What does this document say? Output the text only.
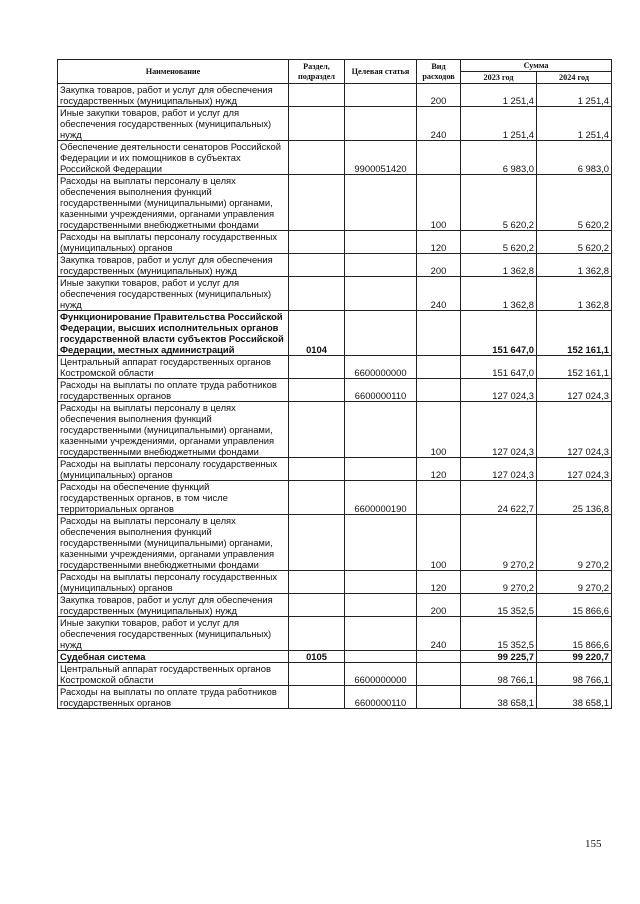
Наименование	Раздел, подраздел	Целевая статья	Вид расходов	Сумма	
				2023 год	2024 год
Закупка товаров, работ и услуг для обеспечения государственных (муниципальных) нужд			200	1 251,4	1 251,4
Иные закупки товаров, работ и услуг для обеспечения государственных (муниципальных) нужд			240	1 251,4	1 251,4
Обеспечение деятельности сенаторов Российской Федерации и их помощников в субъектах Российской Федерации		9900051420		6 983,0	6 983,0
Расходы на выплаты персоналу в целях обеспечения выполнения функций государственными (муниципальными) органами, казенными учреждениями, органами управления государственными внебюджетными фондами			100	5 620,2	5 620,2
Расходы на выплаты персоналу государственных (муниципальных) органов			120	5 620,2	5 620,2
Закупка товаров, работ и услуг для обеспечения государственных (муниципальных) нужд			200	1 362,8	1 362,8
Иные закупки товаров, работ и услуг для обеспечения государственных (муниципальных) нужд			240	1 362,8	1 362,8
Функционирование Правительства Российской Федерации, высших исполнительных органов государственной власти субъектов Российской Федерации, местных администраций	0104			151 647,0	152 161,1
Центральный аппарат государственных органов Костромской области		6600000000		151 647,0	152 161,1
Расходы на выплаты по оплате труда работников государственных органов		6600000110		127 024,3	127 024,3
Расходы на выплаты персоналу в целях обеспечения выполнения функций государственными (муниципальными) органами, казенными учреждениями, органами управления государственными внебюджетными фондами			100	127 024,3	127 024,3
Расходы на выплаты персоналу государственных (муниципальных) органов			120	127 024,3	127 024,3
Расходы на обеспечение функций государственных органов, в том числе территориальных органов		6600000190		24 622,7	25 136,8
Расходы на выплаты персоналу в целях обеспечения выполнения функций государственными (муниципальными) органами, казенными учреждениями, органами управления государственными внебюджетными фондами			100	9 270,2	9 270,2
Расходы на выплаты персоналу государственных (муниципальных) органов			120	9 270,2	9 270,2
Закупка товаров, работ и услуг для обеспечения государственных (муниципальных) нужд			200	15 352,5	15 866,6
Иные закупки товаров, работ и услуг для обеспечения государственных (муниципальных) нужд			240	15 352,5	15 866,6
Судебная система	0105			99 225,7	99 220,7
Центральный аппарат государственных органов Костромской области		6600000000		98 766,1	98 766,1
Расходы на выплаты по оплате труда работников государственных органов		6600000110		38 658,1	38 658,1
155
